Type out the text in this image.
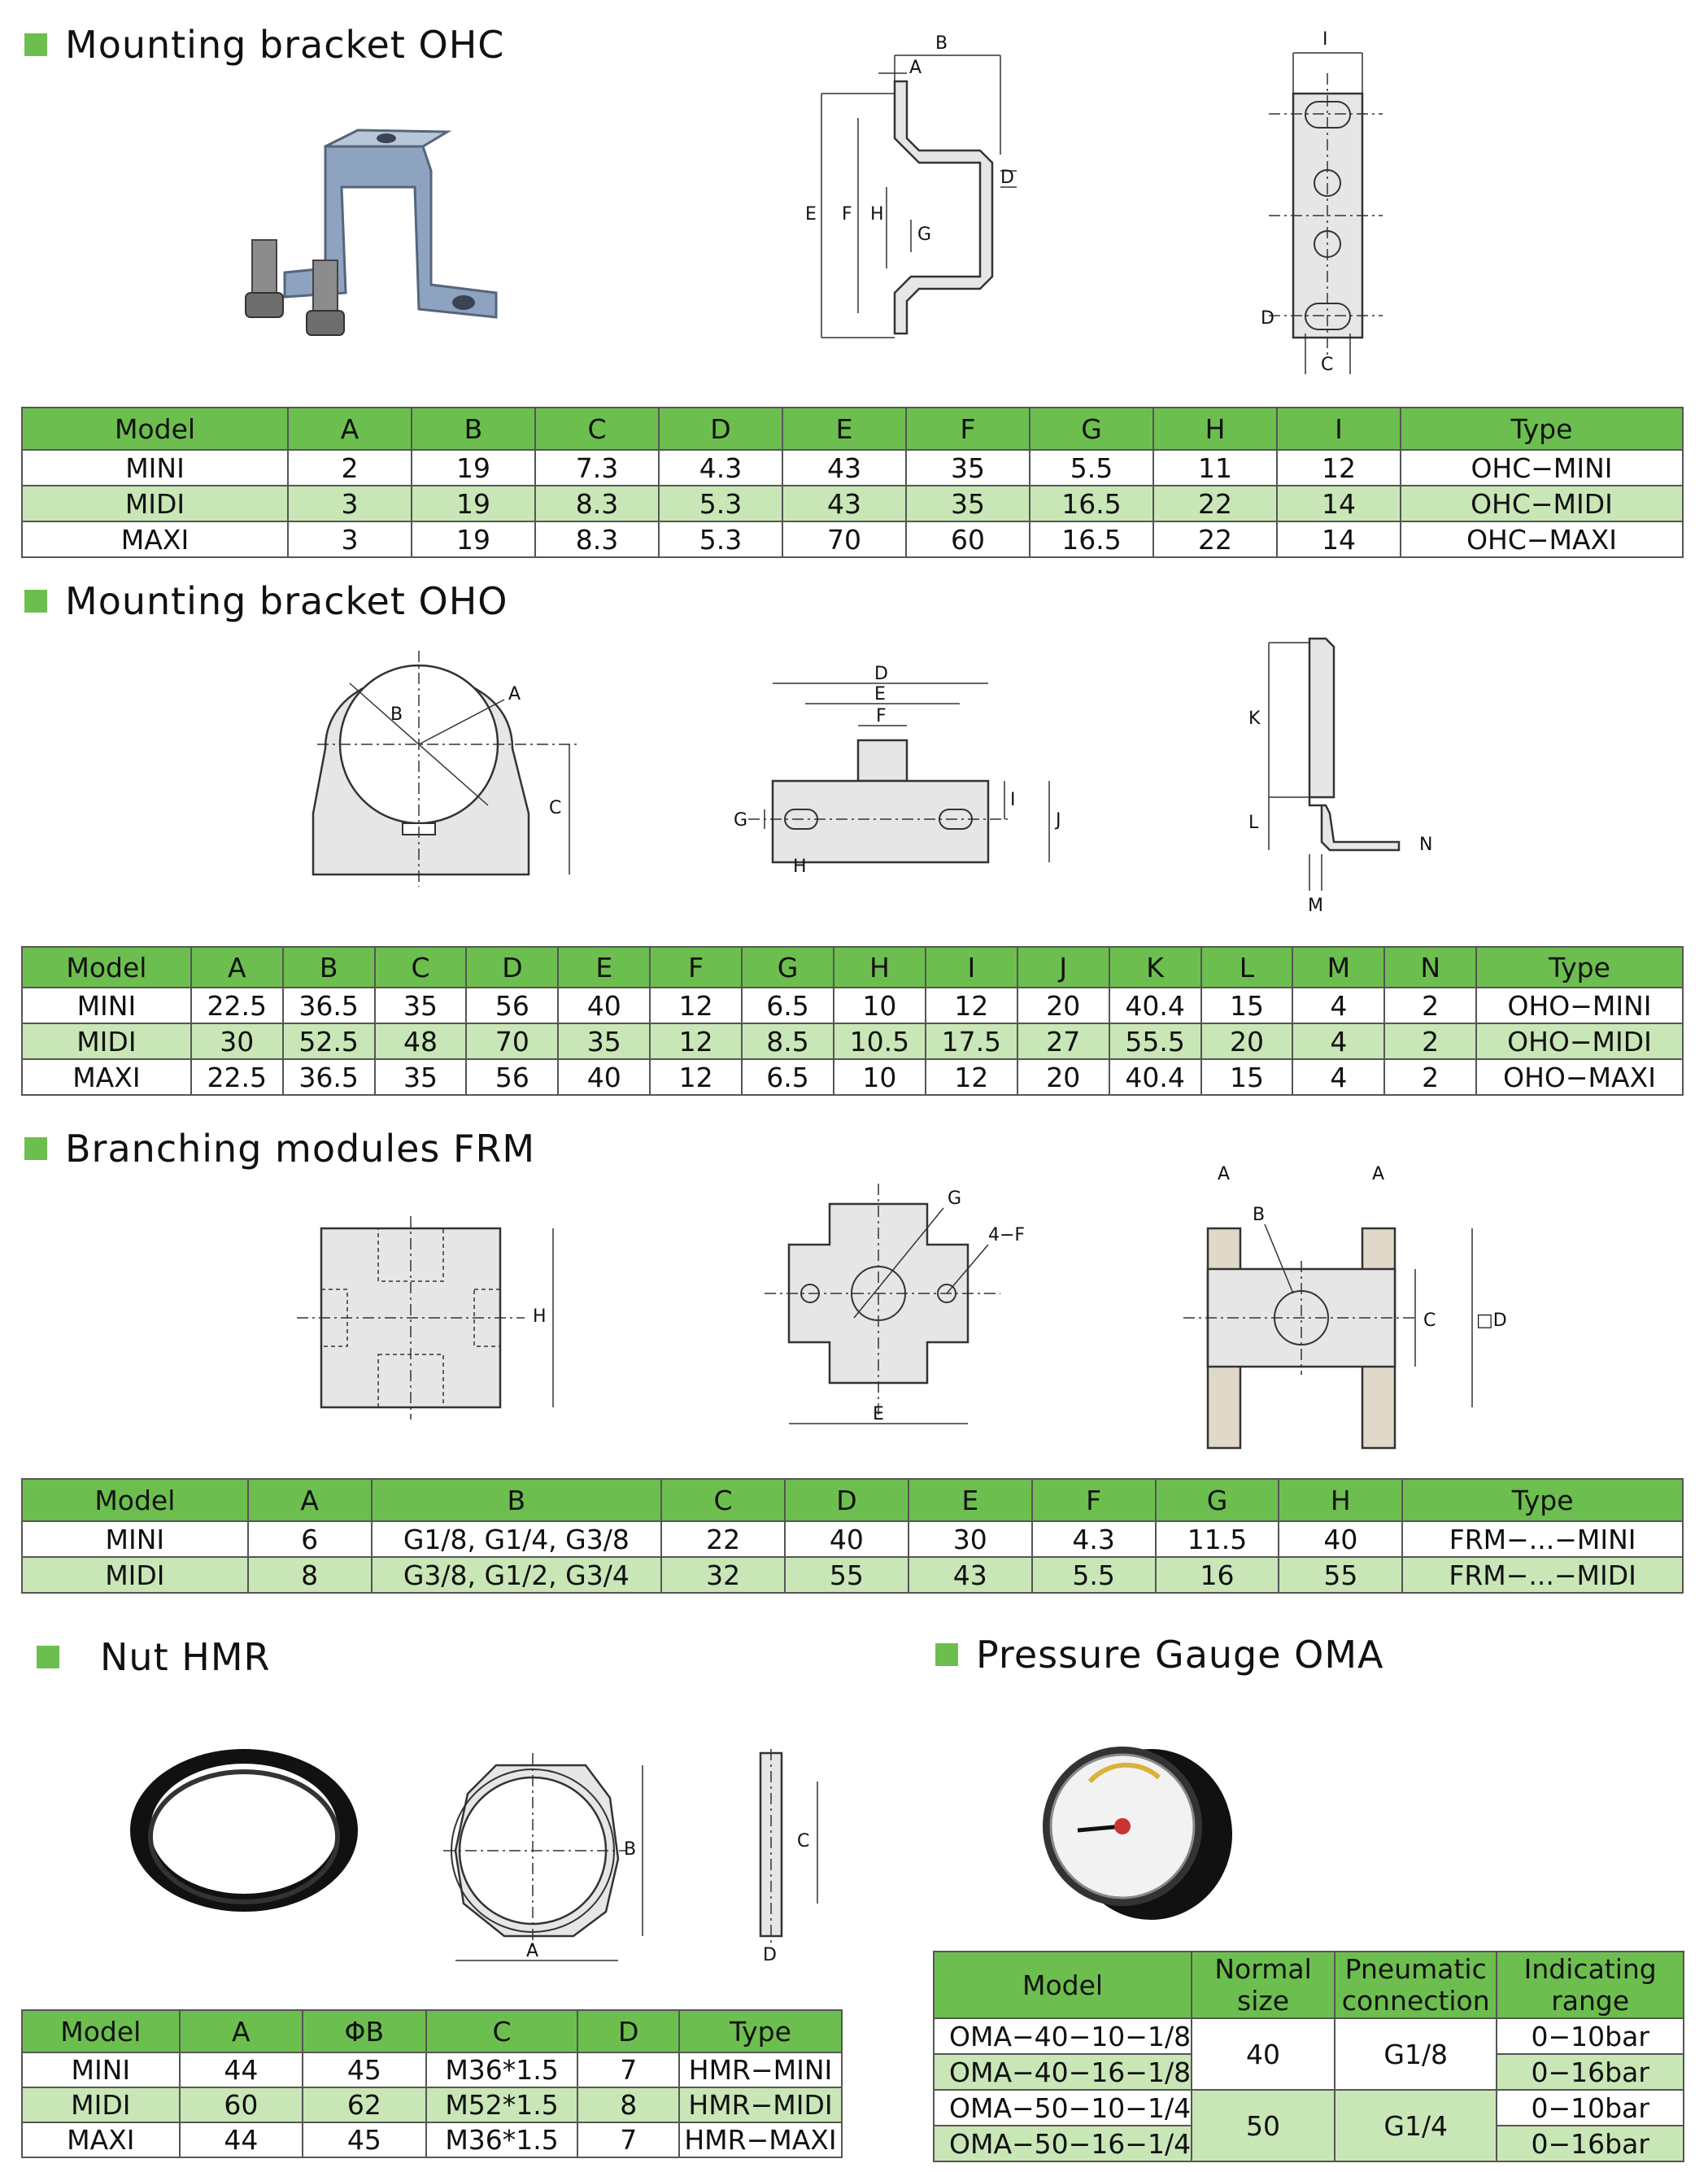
Mounting bracket OHC	B
A
E F H
G
D
I
D
C
Model	A	B	C	D	E	F	G	H	I	Type
MINI	2	19	7.3	4.3	43	35	5.5	11	12	OHC−MINI
MIDI	3	19	8.3	5.3	43	35	16.5	22	14	OHC−MIDI
MAXI	3	19	8.3	5.3	70	60	16.5	22	14	OHC−MAXI
Mounting bracket OHO
A
B
C
D
E
F
G
H
I
J
K
L
M
N
Model	A	B	C	D	E	F	G	H	I	J	K	L	M	N	Type
MINI	22.5	36.5	35	56	40	12	6.5	10	12	20	40.4	15	4	2	OHO−MINI
MIDI	30	52.5	48	70	35	12	8.5	10.5	17.5	27	55.5	20	4	2	OHO−MIDI
MAXI	22.5	36.5	35	56	40	12	6.5	10	12	20	40.4	15	4	2	OHO−MAXI
Branching modules FRM
H
G
4−F
E
A	A
B
C □D
Model	A	B	C	D	E	F	G	H	Type
MINI	6	G1/8, G1/4, G3/8	22	40	30	4.3	11.5	40	FRM−...−MINI
MIDI	8	G3/8, G1/2, G3/4	32	55	43	5.5	16	55	FRM−...−MIDI
Nut HMR
B
A
C
D
Model	A	ΦB	C	D	Type
MINI	44	45	M36*1.5	7	HMR−MINI
MIDI	60	62	M52*1.5	8	HMR−MIDI
MAXI	44	45	M36*1.5	7	HMR−MAXI
Pressure Gauge OMA
Model	Normal size	Pneumatic connection	Indicating range
OMA−40−10−1/8	40	G1/8	0−10bar
OMA−40−16−1/8			0−16bar
OMA−50−10−1/4	50	G1/4	0−10bar
OMA−50−16−1/4			0−16bar
